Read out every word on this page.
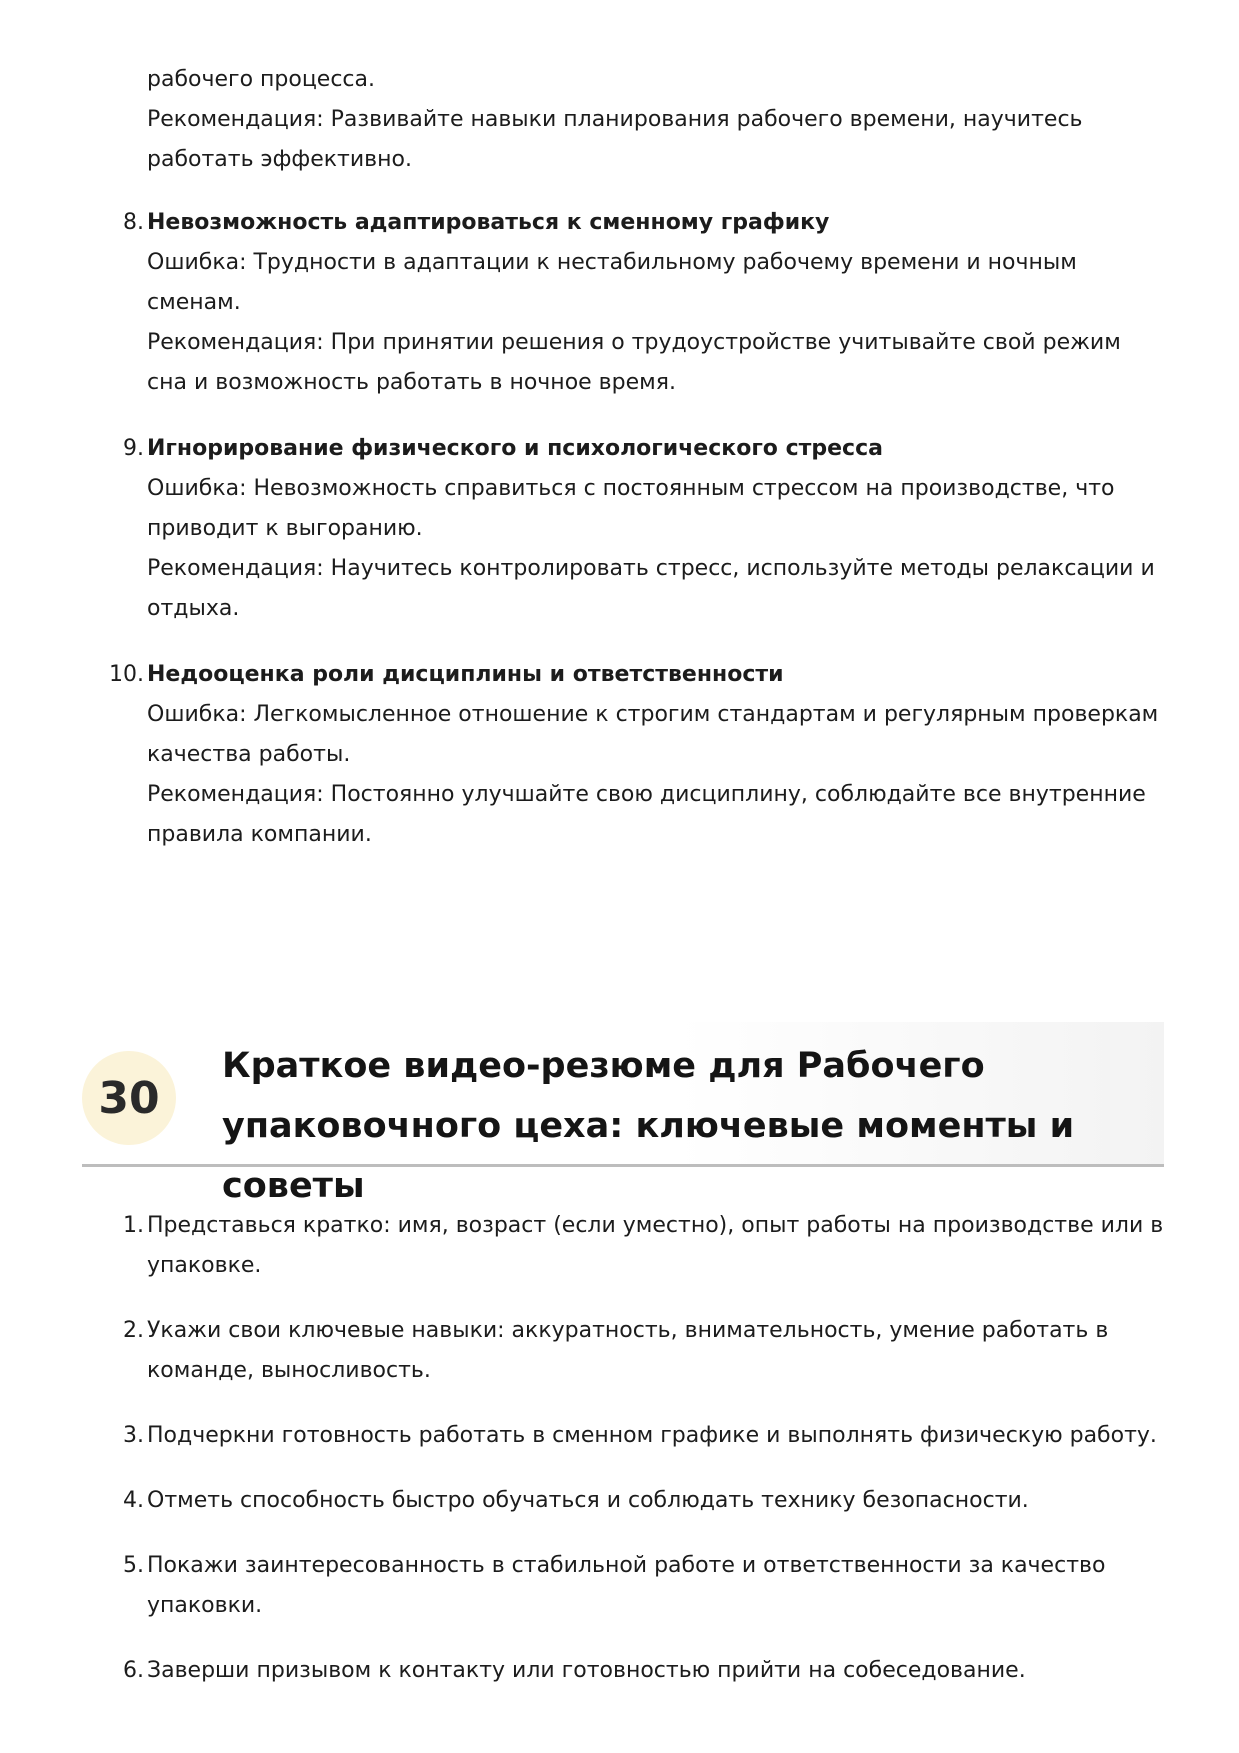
рабочего процесса.

Рекомендация: Развивайте навыки планирования рабочего времени, научитесь работать эффективно.

8. Невозможность адаптироваться к сменному графику

Ошибка: Трудности в адаптации к нестабильному рабочему времени и ночным сменам.

Рекомендация: При принятии решения о трудоустройстве учитывайте свой режим сна и возможность работать в ночное время.

9. Игнорирование физического и психологического стресса

Ошибка: Невозможность справиться с постоянным стрессом на производстве, что приводит к выгоранию.

Рекомендация: Научитесь контролировать стресс, используйте методы релаксации и отдыха.

10. Недооценка роли дисциплины и ответственности

Ошибка: Легкомысленное отношение к строгим стандартам и регулярным проверкам качества работы.

Рекомендация: Постоянно улучшайте свою дисциплину, соблюдайте все внутренние правила компании.

30
Краткое видео-резюме для Рабочего упаковочного цеха: ключевые моменты и советы
1. Представься кратко: имя, возраст (если уместно), опыт работы на производстве или в упаковке.
2. Укажи свои ключевые навыки: аккуратность, внимательность, умение работать в команде, выносливость.
3. Подчеркни готовность работать в сменном графике и выполнять физическую работу.
4. Отметь способность быстро обучаться и соблюдать технику безопасности.
5. Покажи заинтересованность в стабильной работе и ответственности за качество упаковки.
6. Заверши призывом к контакту или готовностью прийти на собеседование.
